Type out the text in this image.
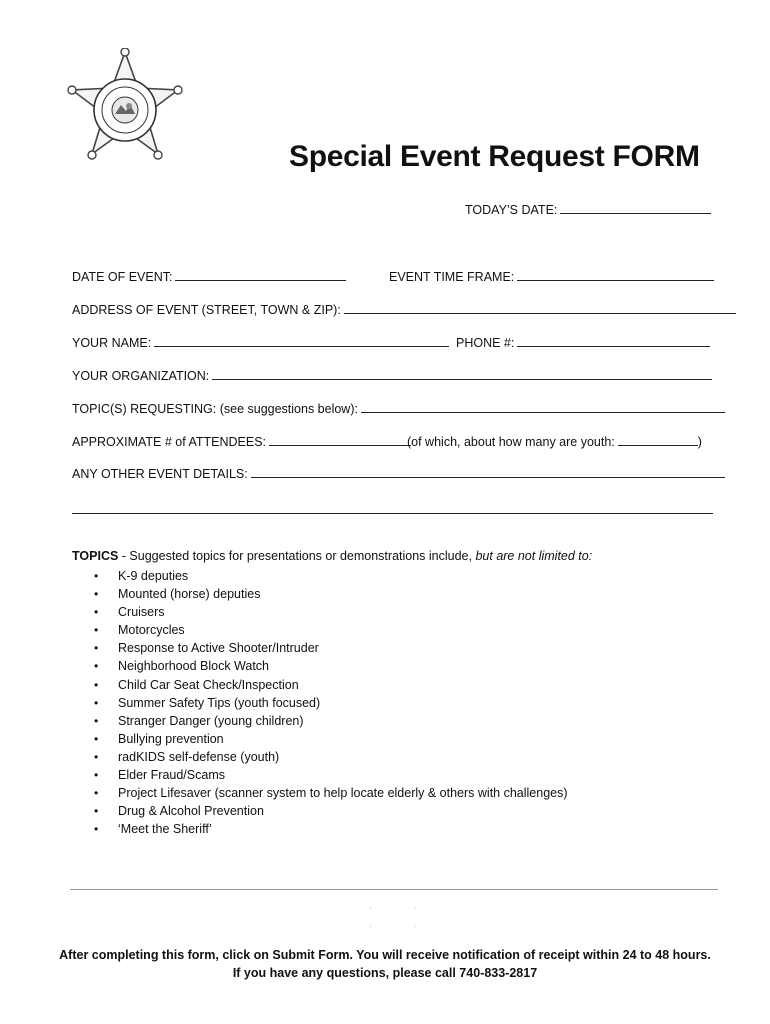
Special Event Request FORM
TODAY’S DATE:
DATE OF EVENT:	EVENT TIME FRAME:
ADDRESS OF EVENT (STREET, TOWN & ZIP):
YOUR NAME:	PHONE #:
YOUR ORGANIZATION:
TOPIC(S) REQUESTING: (see suggestions below):
APPROXIMATE # of ATTENDEES:	(of which, about how many are youth:	)
ANY OTHER EVENT DETAILS:
TOPICS - Suggested topics for presentations or demonstrations include, but are not limited to:
• K-9 deputies
• Mounted (horse) deputies
• Cruisers
• Motorcycles
• Response to Active Shooter/Intruder
• Neighborhood Block Watch
• Child Car Seat Check/Inspection
• Summer Safety Tips (youth focused)
• Stranger Danger (young children)
• Bullying prevention
• radKIDS self-defense (youth)
• Elder Fraud/Scams
• Project Lifesaver (scanner system to help locate elderly & others with challenges)
• Drug & Alcohol Prevention
• ‘Meet the Sheriff’
·	·
·	·
After completing this form, click on Submit Form. You will receive notification of receipt within 24 to 48 hours.
If you have any questions, please call 740-833-2817
